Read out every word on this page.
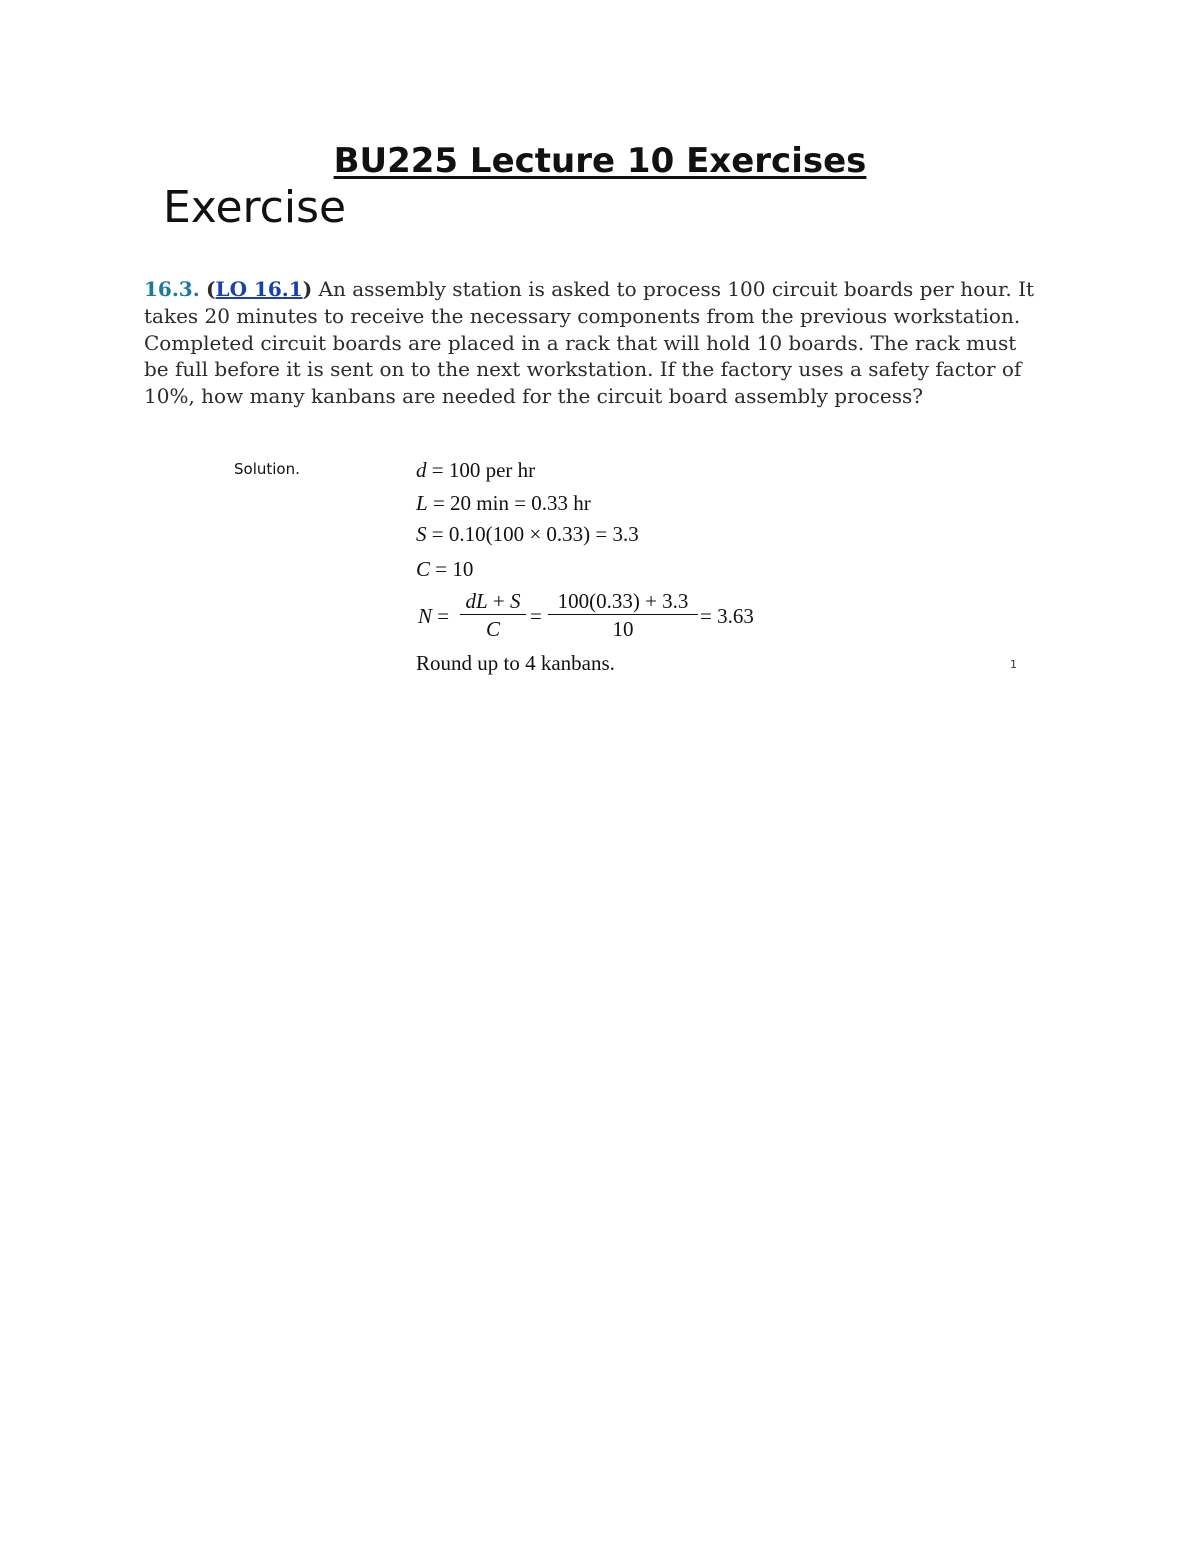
BU225 Lecture 10 Exercises
Exercise

16.3. (LO 16.1) An assembly station is asked to process 100 circuit boards per hour. It takes 20 minutes to receive the necessary components from the previous workstation. Completed circuit boards are placed in a rack that will hold 10 boards. The rack must be full before it is sent on to the next workstation. If the factory uses a safety factor of 10%, how many kanbans are needed for the circuit board assembly process?

Solution.	d = 100 per hr
L = 20 min = 0.33 hr
S = 0.10(100 × 0.33) = 3.3
C = 10
N =
dL + S
C
=
100(0.33) + 3.3
10
= 3.63
Round up to 4 kanbans.	1
